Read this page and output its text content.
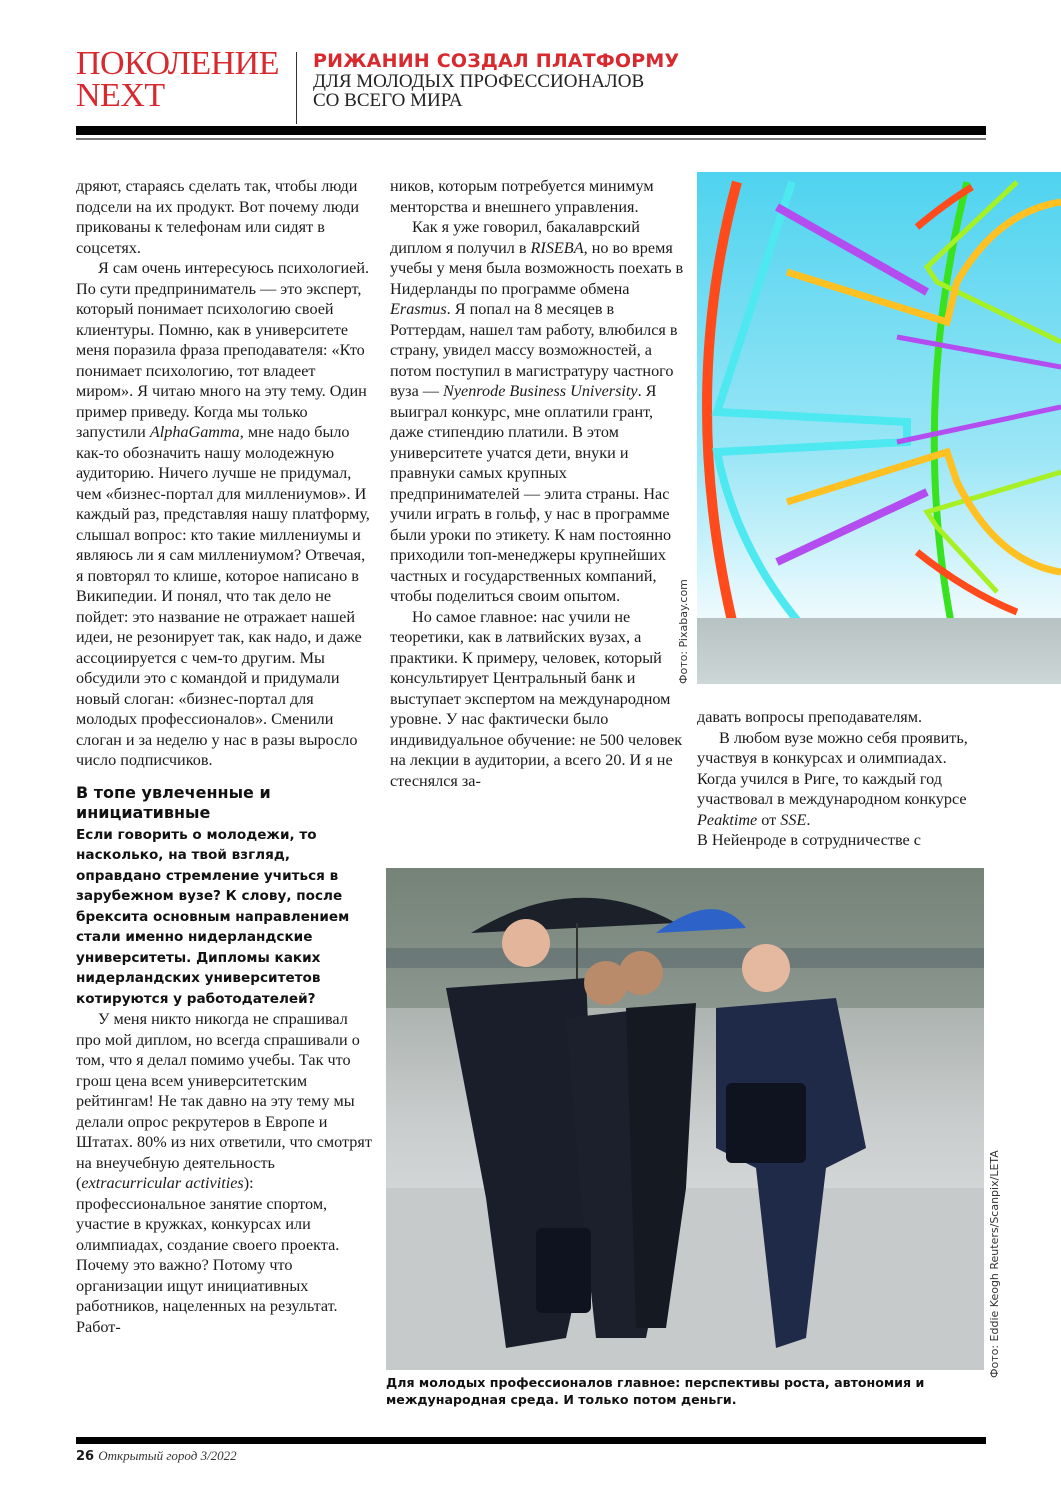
ПОКОЛЕНИЕ
NEXT
РИЖАНИН СОЗДАЛ ПЛАТФОРМУ
ДЛЯ МОЛОДЫХ ПРОФЕССИОНАЛОВ
СО ВСЕГО МИРА

дряют, стараясь сделать так, чтобы люди подсели на их продукт. Вот почему люди прикованы к телефонам или сидят в соцсетях.

Я сам очень интересуюсь психологией. По сути предприниматель — это эксперт, который понимает психологию своей клиентуры. Помню, как в университете меня поразила фраза преподавателя: «Кто понимает психологию, тот владеет миром». Я читаю много на эту тему. Один пример приведу. Когда мы только запустили AlphaGamma, мне надо было как-то обозначить нашу молодежную аудиторию. Ничего лучше не придумал, чем «бизнес-портал для миллениумов». И каждый раз, представляя нашу платформу, слышал вопрос: кто такие миллениумы и являюсь ли я сам миллениумом? Отвечая, я повторял то клише, которое написано в Википедии. И понял, что так дело не пойдет: это название не отражает нашей идеи, не резонирует так, как надо, и даже ассоциируется с чем-то другим. Мы обсудили это с командой и придумали новый слоган: «бизнес-портал для молодых профессионалов». Сменили слоган и за неделю у нас в разы выросло число подписчиков.

В топе увлеченные и инициативные

Если говорить о молодежи, то насколько, на твой взгляд, оправдано стремление учиться в зарубежном вузе? К слову, после брексита основным направлением стали именно нидерландские университеты. Дипломы каких нидерландских университетов котируются у работодателей?

У меня никто никогда не спрашивал про мой диплом, но всегда спрашивали о том, что я делал помимо учебы. Так что грош цена всем университетским рейтингам! Не так давно на эту тему мы делали опрос рекрутеров в Европе и Штатах. 80% из них ответили, что смотрят на внеучебную деятельность (extracurricular activities): профессиональное занятие спортом, участие в кружках, конкурсах или олимпиадах, создание своего проекта. Почему это важно? Потому что организации ищут инициативных работников, нацеленных на результат. Работ-

ников, которым потребуется минимум менторства и внешнего управления.

Как я уже говорил, бакалаврский диплом я получил в RISEBA, но во время учебы у меня была возможность поехать в Нидерланды по программе обмена Erasmus. Я попал на 8 месяцев в Роттердам, нашел там работу, влюбился в страну, увидел массу возможностей, а потом поступил в магистратуру частного вуза — Nyenrode Business University. Я выиграл конкурс, мне оплатили грант, даже стипендию платили. В этом университете учатся дети, внуки и правнуки самых крупных предпринимателей — элита страны. Нас учили играть в гольф, у нас в программе были уроки по этикету. К нам постоянно приходили топ-менеджеры крупнейших частных и государственных компаний, чтобы поделиться своим опытом.

Но самое главное: нас учили не теоретики, как в латвийских вузах, а практики. К примеру, человек, который консультирует Центральный банк и выступает экспертом на международном уровне. У нас фактически было индивидуальное обучение: не 500 человек на лекции в аудитории, а всего 20. И я не стеснялся за-

Фото: Pixabay.com

давать вопросы преподавателям.

В любом вузе можно себя проявить, участвуя в конкурсах и олимпиадах. Когда учился в Риге, то каждый год участвовал в международном конкурсе Peaktime от SSE.

В Нейенроде в сотрудничестве с

Фото: Eddie Keogh Reuters/Scanpix/LETA
Для молодых профессионалов главное: перспективы роста, автономия и международная среда. И только потом деньги.
26 Открытый город 3/2022
